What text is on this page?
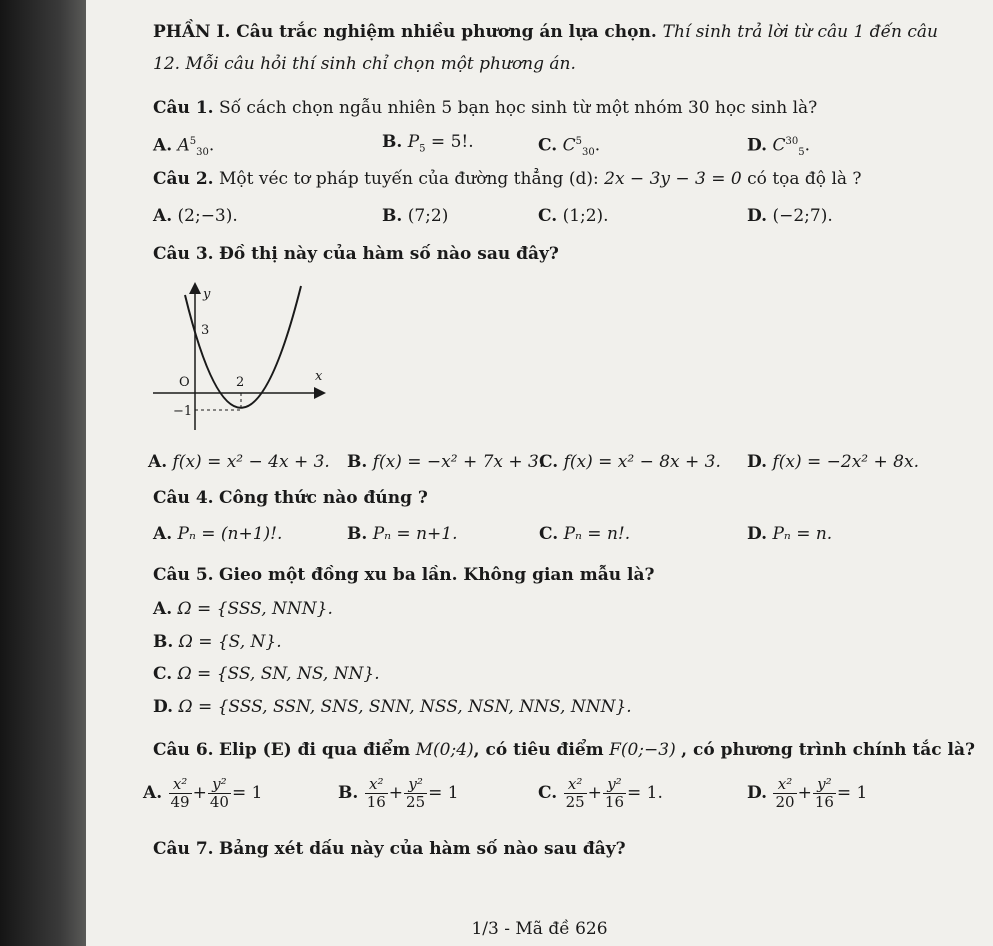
PHẦN I. Câu trắc nghiệm nhiều phương án lựa chọn. Thí sinh trả lời từ câu 1 đến câu
12. Mỗi câu hỏi thí sinh chỉ chọn một phương án.
Câu 1. Số cách chọn ngẫu nhiên 5 bạn học sinh từ một nhóm 30 học sinh là?
A. $A^5_{30}$.	B. $P_5 = 5$!.	C. $C^5_{30}$.	D. $C^{30}_5$.
Câu 2. Một véc tơ pháp tuyến của đường thẳng (d): 2x − 3y − 3 = 0 có tọa độ là ?
A. (2;−3).	B. (7;2)	C. (1;2).	D. (−2;7).
Câu 3. Đồ thị này của hàm số nào sau đây?
y
x
3
−1
2
O
A. f(x) = x² − 4x + 3. B. f(x) = −x² + 7x + 3.
C. f(x) = x² − 8x + 3. D. f(x) = −2x² + 8x.
Câu 4. Công thức nào đúng ?
A. Pₙ = (n+1)!.	B. Pₙ = n+1.	C. Pₙ = n!.	D. Pₙ = n.
Câu 5. Gieo một đồng xu ba lần. Không gian mẫu là?
A. Ω = {SSS, NNN}.
B. Ω = {S, N}.
C. Ω = {SS, SN, NS, NN}.
D. Ω = {SSS, SSN, SNS, SNN, NSS, NSN, NNS, NNN}.
Câu 6. Elip (E) đi qua điểm M(0;4), có tiêu điểm F(0;−3) , có phương trình chính tắc là?
A. $\frac{\text{x²}}{49} + \frac{\text{y²}}{40} = 1$	B. $\frac{\text{x²}}{16} + \frac{\text{y²}}{25} = 1$	C. $\frac{\text{x²}}{25} + \frac{\text{y²}}{16} = 1$.	D. $\frac{\text{x²}}{20} + \frac{\text{y²}}{16} = 1$
Câu 7. Bảng xét dấu này của hàm số nào sau đây?
1/3 - Mã đề 626
